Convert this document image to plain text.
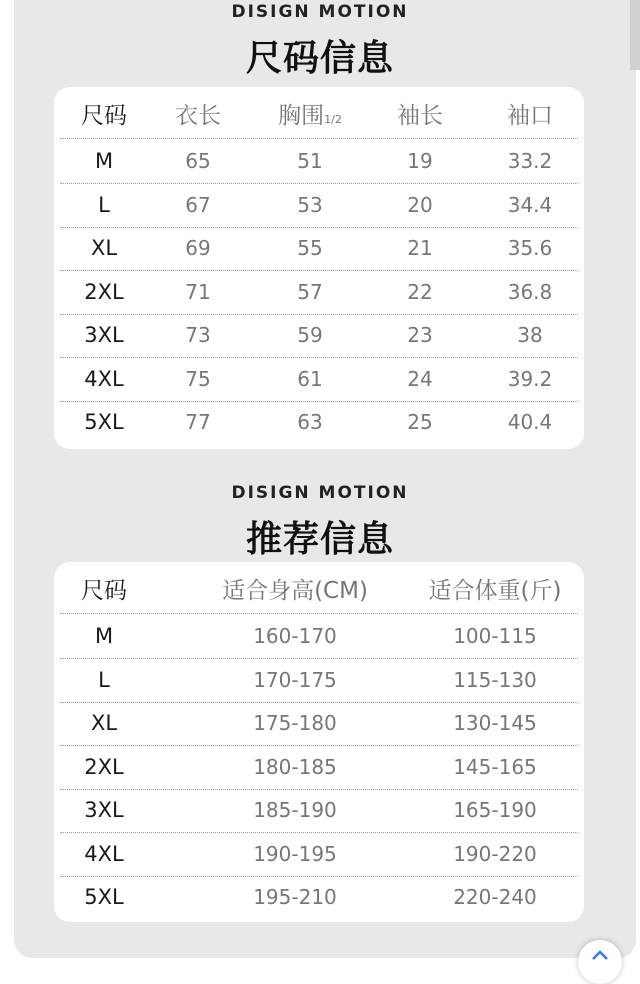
DISIGN MOTION
尺码信息
尺码	衣长	胸围1/2	袖长	袖口
M	65	51	19	33.2
L	67	53	20	34.4
XL	69	55	21	35.6
2XL	71	57	22	36.8
3XL	73	59	23	38
4XL	75	61	24	39.2
5XL	77	63	25	40.4
DISIGN MOTION
推荐信息
尺码	适合身高(CM)	适合体重(斤)
M	160-170	100-115
L	170-175	115-130
XL	175-180	130-145
2XL	180-185	145-165
3XL	185-190	165-190
4XL	190-195	190-220
5XL	195-210	220-240
